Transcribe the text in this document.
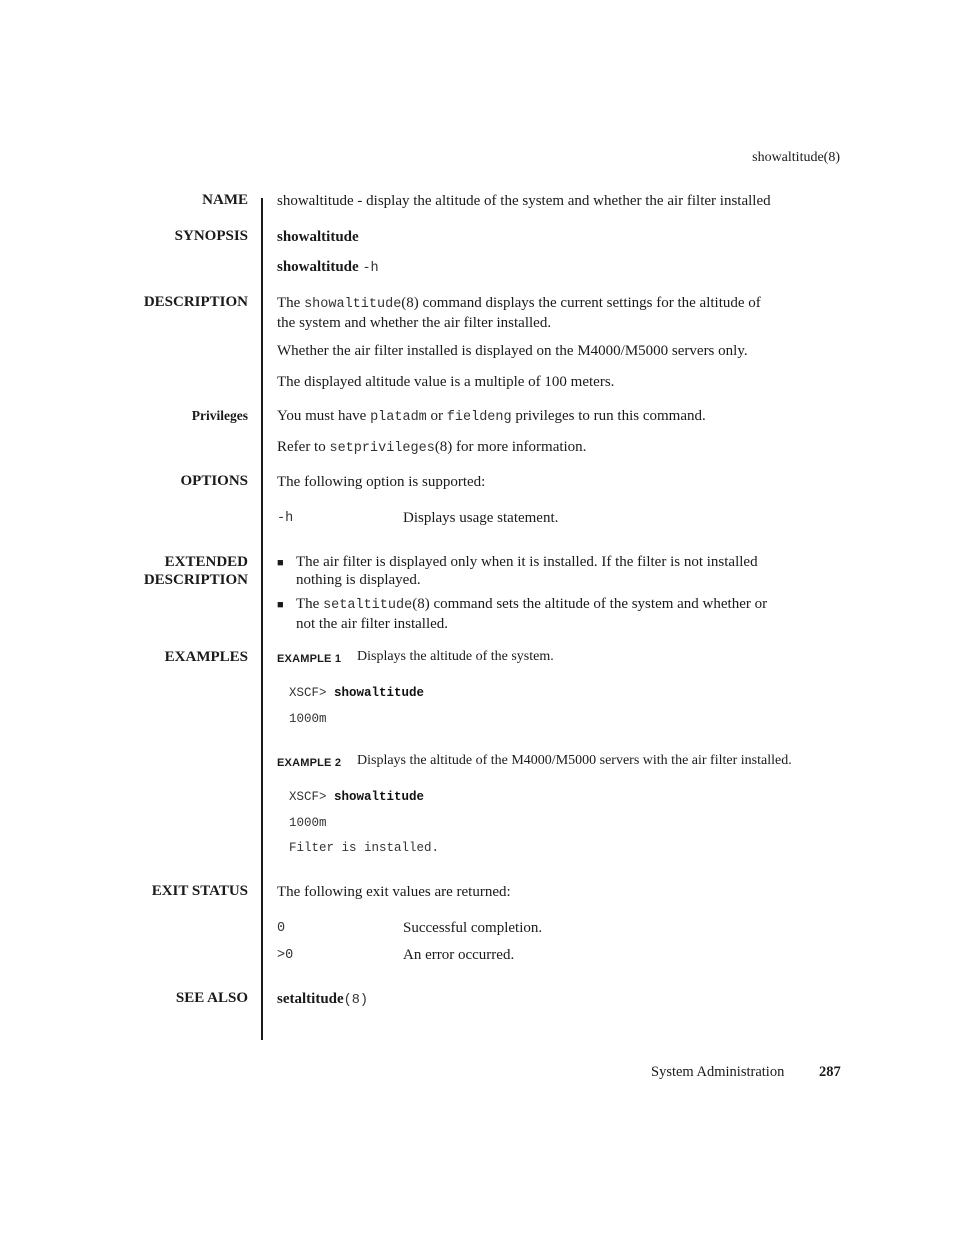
showaltitude(8)
NAME showaltitude - display the altitude of the system and whether the air filter installed
SYNOPSIS showaltitude
showaltitude -h
DESCRIPTION The showaltitude(8) command displays the current settings for the altitude of
the system and whether the air filter installed.
Whether the air filter installed is displayed on the M4000/M5000 servers only.
The displayed altitude value is a multiple of 100 meters.
Privileges You must have platadm or fieldeng privileges to run this command.
Refer to setprivileges(8) for more information.
OPTIONS The following option is supported:
-h	Displays usage statement.
EXTENDED
DESCRIPTION
■ The air filter is displayed only when it is installed. If the filter is not installed
nothing is displayed.
■ The setaltitude(8) command sets the altitude of the system and whether or
not the air filter installed.
EXAMPLES	EXAMPLE 1 Displays the altitude of the system.
XSCF> showaltitude
1000m
EXAMPLE 2 Displays the altitude of the M4000/M5000 servers with the air filter installed.
XSCF> showaltitude
1000m
Filter is installed.
EXIT STATUS The following exit values are returned:
0	Successful completion.
>0	An error occurred.
SEE ALSO setaltitude(8)
System Administration 287
